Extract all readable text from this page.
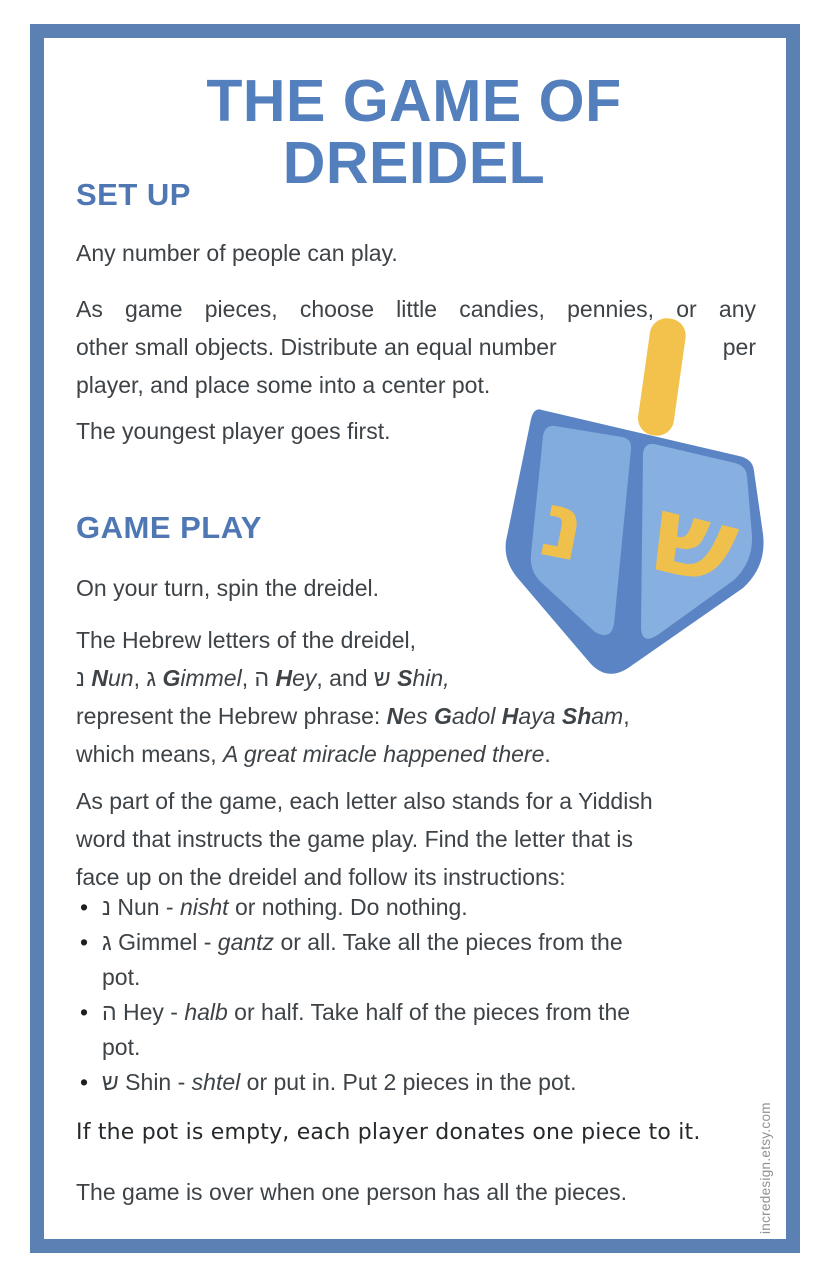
נ ש
THE GAME OF
DREIDEL
SET UP
Any number of people can play.
As game pieces, choose little candies, pennies, or any
other small objects. Distribute an equal number	per
player, and place some into a center pot.
The youngest player goes first.
GAME PLAY
On your turn, spin the dreidel.
The Hebrew letters of the dreidel,
נ Nun, ג Gimmel, ה Hey, and ש Shin,
represent the Hebrew phrase: Nes Gadol Haya Sham,
which means, A great miracle happened there.
As part of the game, each letter also stands for a Yiddish
word that instructs the game play. Find the letter that is
face up on the dreidel and follow its instructions:
•
נ Nun - nisht or nothing. Do nothing.
•
ג Gimmel - gantz or all. Take all the pieces from the
pot.
•
ה Hey - halb or half. Take half of the pieces from the
pot.
•
ש Shin - shtel or put in. Put 2 pieces in the pot.
If the pot is empty, each player donates one piece to it.
The game is over when one person has all the pieces.	incredesign.etsy.com
